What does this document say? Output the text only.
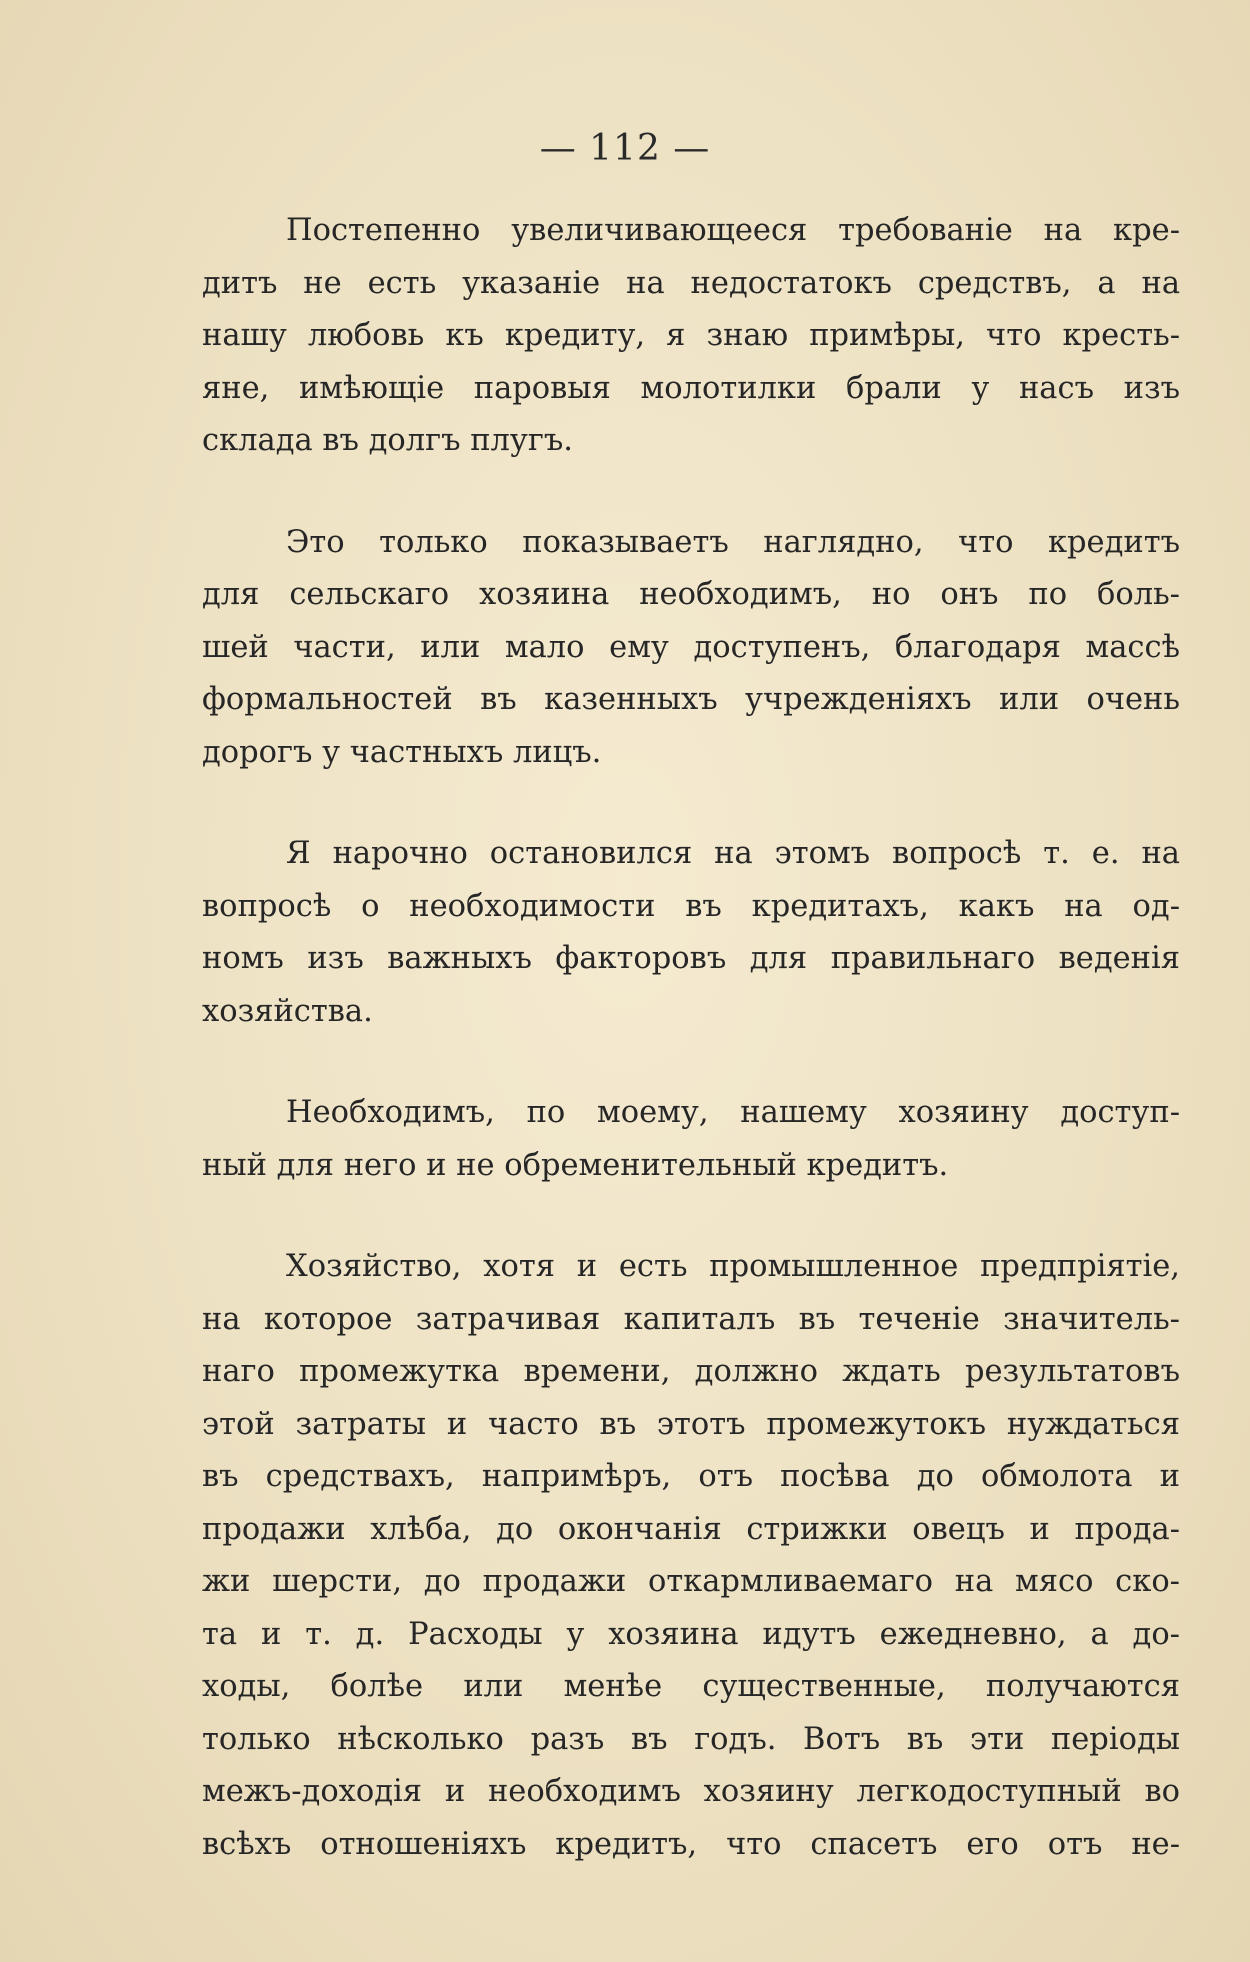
— 112 —
Постепенно увеличивающееся требованіе на кре-
дитъ не есть указаніе на недостатокъ средствъ, а на
нашу любовь къ кредиту, я знаю примѣры, что кресть-
яне, имѣющіе паровыя молотилки брали у насъ изъ
склада въ долгъ плугъ.
Это только показываетъ наглядно, что кредитъ
для сельскаго хозяина необходимъ, но онъ по боль-
шей части, или мало ему доступенъ, благодаря массѣ
формальностей въ казенныхъ учрежденіяхъ или очень
дорогъ у частныхъ лицъ.
Я нарочно остановился на этомъ вопросѣ т. е. на
вопросѣ о необходимости въ кредитахъ, какъ на од-
номъ изъ важныхъ факторовъ для правильнаго веденія
хозяйства.
Необходимъ, по моему, нашему хозяину доступ-
ный для него и не обременительный кредитъ.
Хозяйство, хотя и есть промышленное предпріятіе,
на которое затрачивая капиталъ въ теченіе значитель-
наго промежутка времени, должно ждать результатовъ
этой затраты и часто въ этотъ промежутокъ нуждаться
въ средствахъ, напримѣръ, отъ посѣва до обмолота и
продажи хлѣба, до окончанія стрижки овецъ и прода-
жи шерсти, до продажи откармливаемаго на мясо ско-
та и т. д. Расходы у хозяина идутъ ежедневно, а до-
ходы, болѣе или менѣе существенные, получаются
только нѣсколько разъ въ годъ. Вотъ въ эти періоды
межъ-доходія и необходимъ хозяину легкодоступный во
всѣхъ отношеніяхъ кредитъ, что спасетъ его отъ не-
